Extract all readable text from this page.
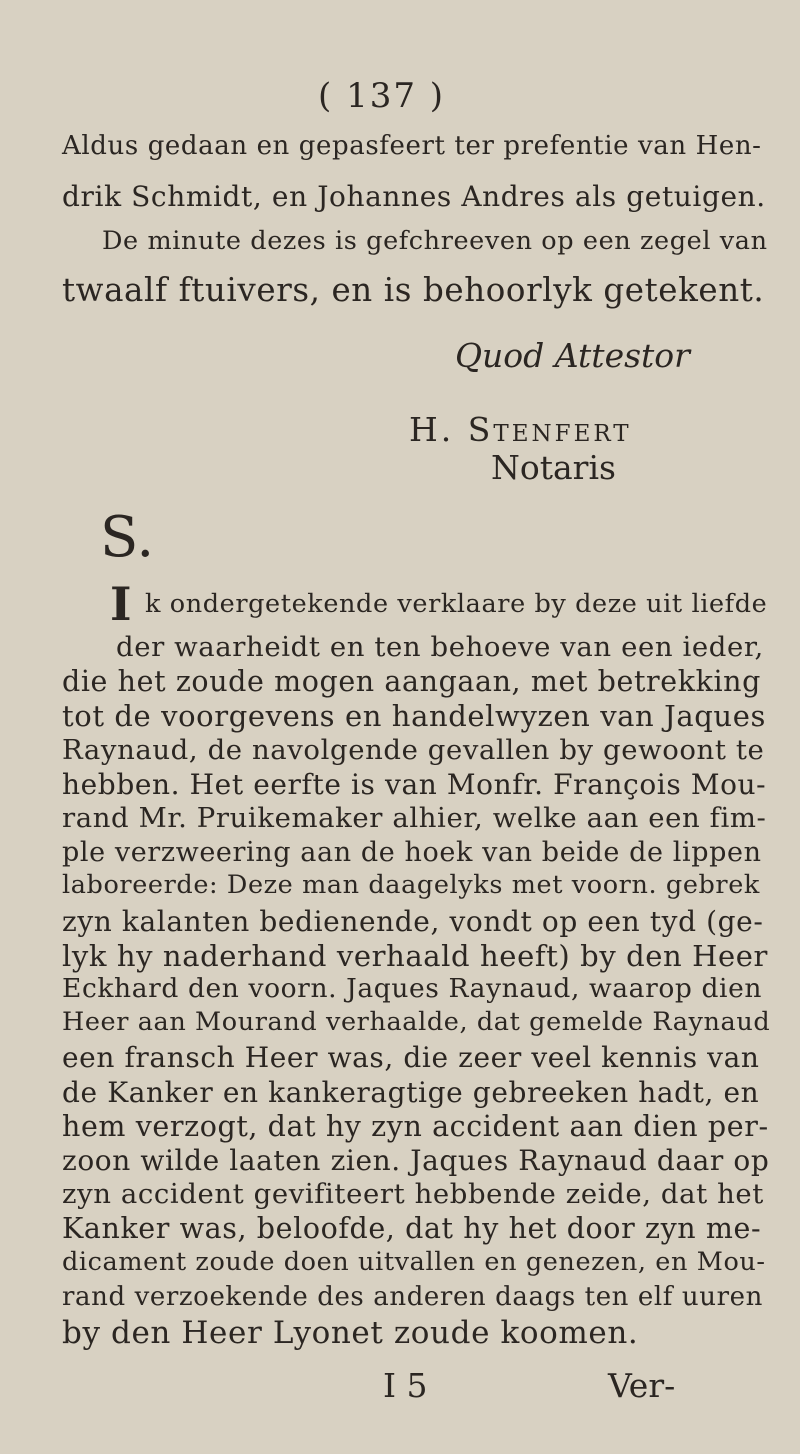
( 137 )
Aldus gedaan en gepasfeert ter prefentie van Hen-
drik Schmidt, en Johannes Andres als getuigen.
De minute dezes is gefchreeven op een zegel van
twaalf ftuivers, en is behoorlyk getekent.
Quod Attestor
H. Stenfert
Notaris
S.
I k ondergetekende verklaare by deze uit liefde
der waarheidt en ten behoeve van een ieder,
die het zoude mogen aangaan, met betrekking
tot de voorgevens en handelwyzen van Jaques
Raynaud, de navolgende gevallen by gewoont te
hebben. Het eerfte is van Monfr. François Mou-
rand Mr. Pruikemaker alhier, welke aan een fim-
ple verzweering aan de hoek van beide de lippen
laboreerde: Deze man daagelyks met voorn. gebrek
zyn kalanten bedienende, vondt op een tyd (ge-
lyk hy naderhand verhaald heeft) by den Heer
Eckhard den voorn. Jaques Raynaud, waarop dien
Heer aan Mourand verhaalde, dat gemelde Raynaud
een fransch Heer was, die zeer veel kennis van
de Kanker en kankeragtige gebreeken hadt, en
hem verzogt, dat hy zyn accident aan dien per-
zoon wilde laaten zien. Jaques Raynaud daar op
zyn accident gevifiteert hebbende zeide, dat het
Kanker was, beloofde, dat hy het door zyn me-
dicament zoude doen uitvallen en genezen, en Mou-
rand verzoekende des anderen daags ten elf uuren
by den Heer Lyonet zoude koomen.
I 5	Ver-
